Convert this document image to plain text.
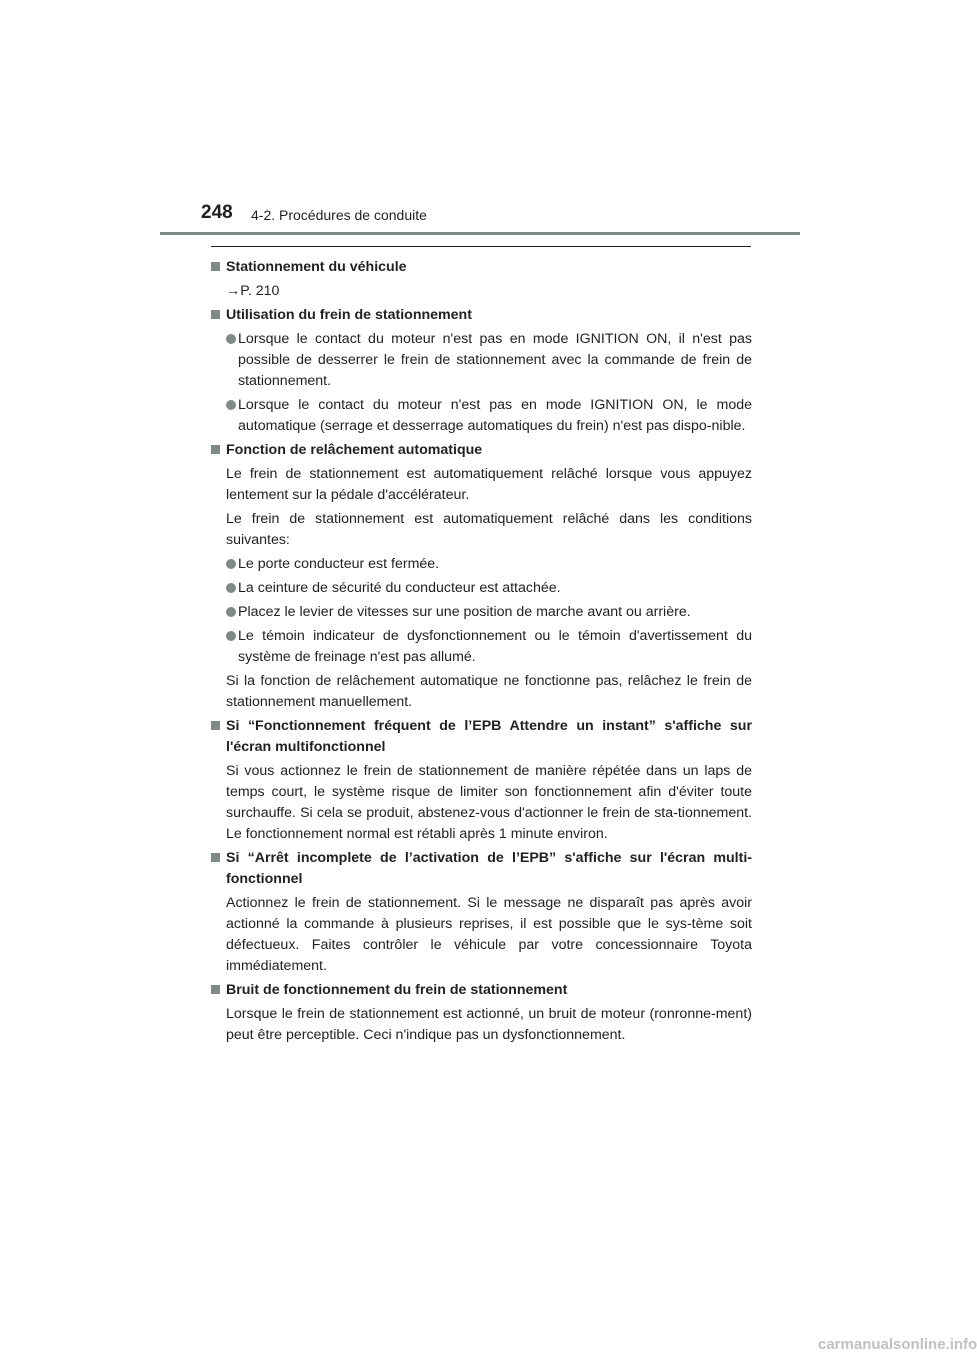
248 4-2. Procédures de conduite
Stationnement du véhicule
→P. 210
Utilisation du frein de stationnement
Lorsque le contact du moteur n'est pas en mode IGNITION ON, il n'est pas possible de desserrer le frein de stationnement avec la commande de frein de stationnement.
Lorsque le contact du moteur n'est pas en mode IGNITION ON, le mode automatique (serrage et desserrage automatiques du frein) n'est pas dispo-nible.
Fonction de relâchement automatique
Le frein de stationnement est automatiquement relâché lorsque vous appuyez lentement sur la pédale d'accélérateur.
Le frein de stationnement est automatiquement relâché dans les conditions suivantes:
Le porte conducteur est fermée.
La ceinture de sécurité du conducteur est attachée.
Placez le levier de vitesses sur une position de marche avant ou arrière.
Le témoin indicateur de dysfonctionnement ou le témoin d'avertissement du système de freinage n'est pas allumé.
Si la fonction de relâchement automatique ne fonctionne pas, relâchez le frein de stationnement manuellement.
Si “Fonctionnement fréquent de l’EPB Attendre un instant” s'affiche sur l'écran multifonctionnel
Si vous actionnez le frein de stationnement de manière répétée dans un laps de temps court, le système risque de limiter son fonctionnement afin d'éviter toute surchauffe. Si cela se produit, abstenez-vous d'actionner le frein de sta-tionnement. Le fonctionnement normal est rétabli après 1 minute environ.
Si “Arrêt incomplete de l’activation de l’EPB” s'affiche sur l'écran multi-fonctionnel
Actionnez le frein de stationnement. Si le message ne disparaît pas après avoir actionné la commande à plusieurs reprises, il est possible que le sys-tème soit défectueux. Faites contrôler le véhicule par votre concessionnaire Toyota immédiatement.
Bruit de fonctionnement du frein de stationnement
Lorsque le frein de stationnement est actionné, un bruit de moteur (ronronne-ment) peut être perceptible. Ceci n'indique pas un dysfonctionnement.
carmanualsonline.info
